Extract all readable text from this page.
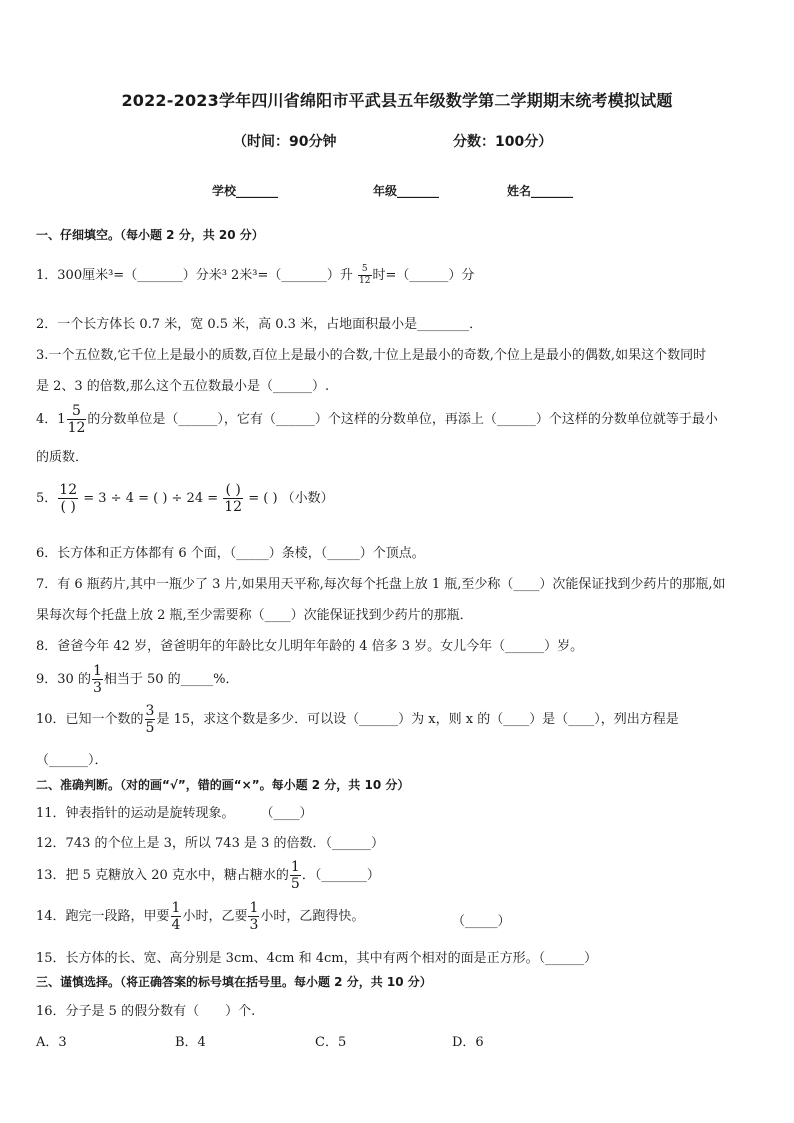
2022-2023学年四川省绵阳市平武县五年级数学第二学期期末统考模拟试题
（时间：90分钟	分数：100分）
学校_______	年级_______	姓名_______
一、仔细填空。（每小题 2 分，共 20 分）
1．300厘米³=（_______）分米³ 2米³=（_______）升 $\frac{5}{12}$ 时=（______）分
2．一个长方体长 0.7 米，宽 0.5 米，高 0.3 米，占地面积最小是________．
3.一个五位数,它千位上是最小的质数,百位上是最小的合数,十位上是最小的奇数,个位上是最小的偶数,如果这个数同时
是 2、3 的倍数,那么这个五位数最小是（______）.
4．$1 \frac{5}{12}$ 的分数单位是（______），它有（______）个这样的分数单位，再添上（______）个这样的分数单位就等于最小
的质数．
5． $\frac{12}{( )} = 3 \div 4$ = ( ) ÷ $24 = \frac{( )}{12}$ = ( ) （小数）
6．长方体和正方体都有 6 个面，（_____）条棱，（_____）个顶点。
7．有 6 瓶药片,其中一瓶少了 3 片,如果用天平称,每次每个托盘上放 1 瓶,至少称（____）次能保证找到少药片的那瓶,如
果每次每个托盘上放 2 瓶,至少需要称（____）次能保证找到少药片的那瓶．
8．爸爸今年 42 岁，爸爸明年的年龄比女儿明年年龄的 4 倍多 3 岁。女儿今年（______）岁。
9．30 的 $\frac{1}{3}$ 相当于 50 的_____%．
10．已知一个数的 $\frac{3}{5}$ 是 15，求这个数是多少．可以设（______）为 x，则 x 的（____）是（____），列出方程是
（______）．
二、准确判断。（对的画“√”，错的画“×”。每小题 2 分，共 10 分）
11．钟表指针的运动是旋转现象。　　　（____）
12．743 的个位上是 3，所以 743 是 3 的倍数．（______）
13．把 5 克糖放入 20 克水中，糖占糖水的 $\frac{1}{5}$ ．（_______）
14．跑完一段路，甲要 $\frac{1}{4}$ 小时，乙要 $\frac{1}{3}$ 小时，乙跑得快。	（_____）
15．长方体的长、宽、高分别是 3cm、4cm 和 4cm，其中有两个相对的面是正方形。（______）
三、谨慎选择。（将正确答案的标号填在括号里。每小题 2 分，共 10 分）
16．分子是 5 的假分数有（　　）个.
A．3	B．4	C．5	D．6
